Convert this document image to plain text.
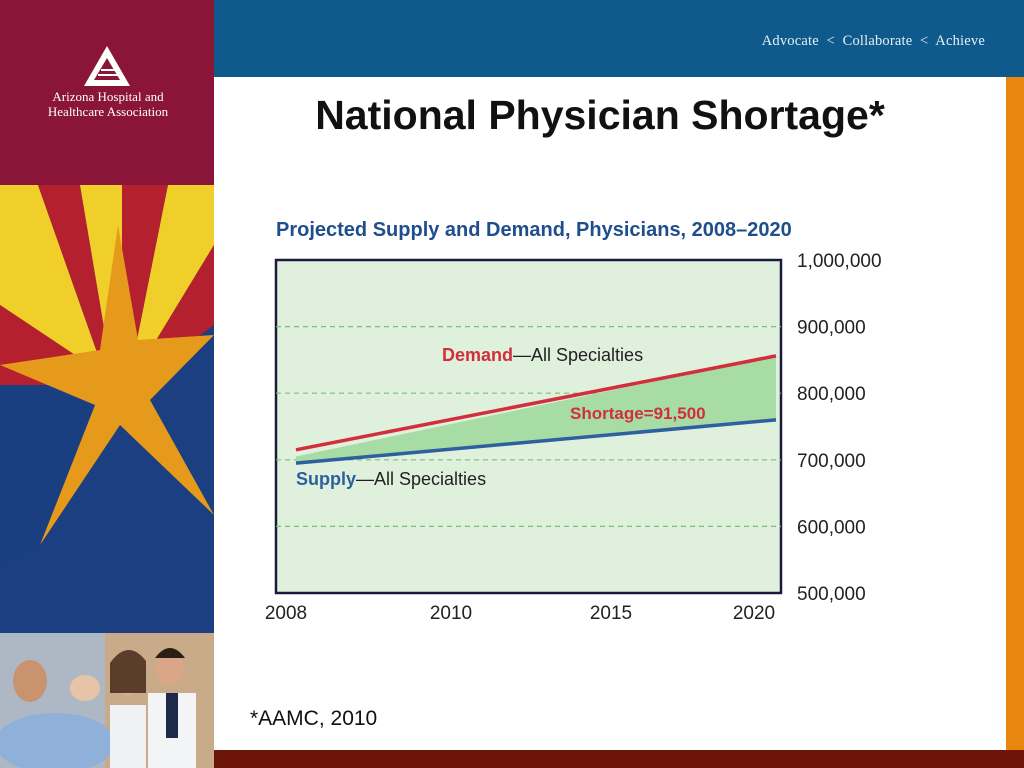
Arizona Hospital and
Healthcare Association
Advocate  <  Collaborate  <  Achieve
National Physician Shortage*
Projected Supply and Demand, Physicians, 2008–2020
500,000
600,000
700,000
800,000
900,000
1,000,000
2008	2010	2015	2020
Demand—All Specialties
Supply—All Specialties
Shortage=91,500
*AAMC, 2010
